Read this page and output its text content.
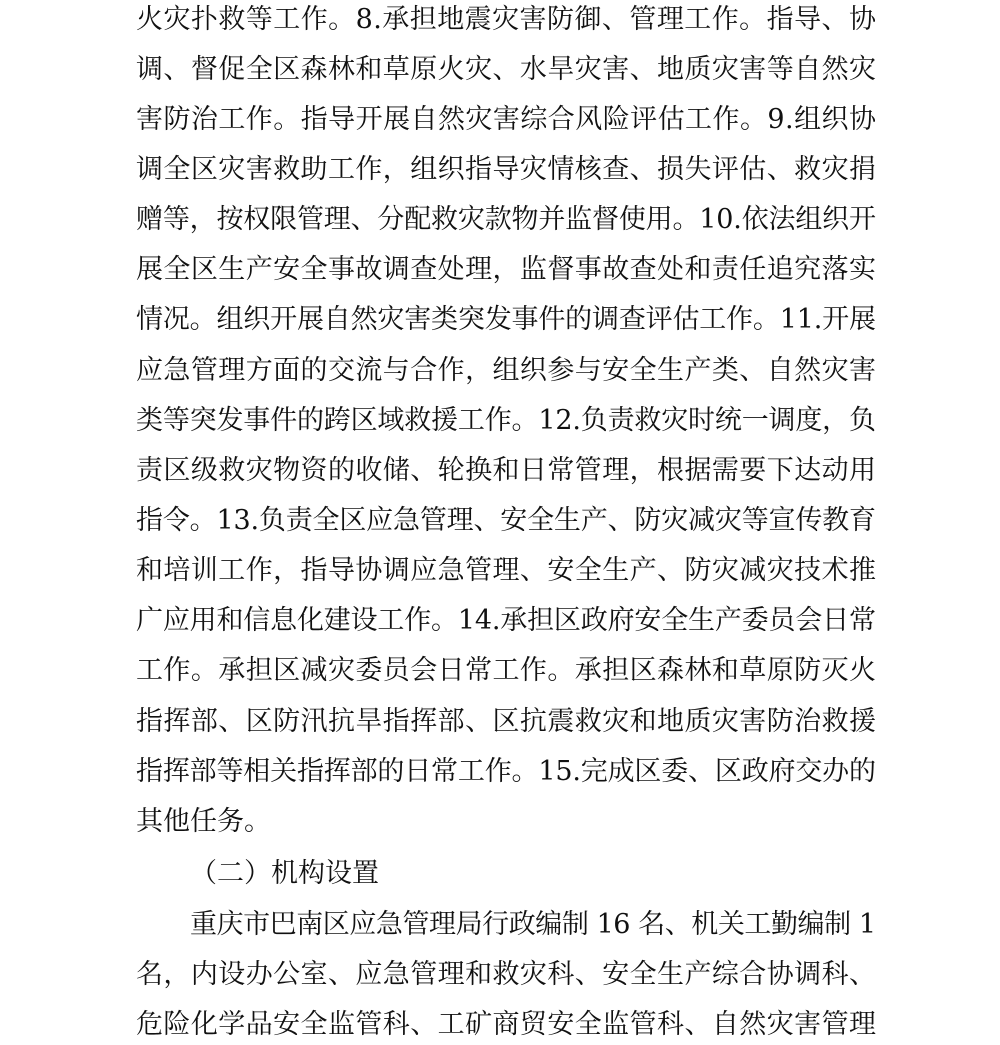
火灾扑救等工作。8.承担地震灾害防御、管理工作。指导、协
调、督促全区森林和草原火灾、水旱灾害、地质灾害等自然灾
害防治工作。指导开展自然灾害综合风险评估工作。9.组织协
调全区灾害救助工作，组织指导灾情核查、损失评估、救灾捐
赠等，按权限管理、分配救灾款物并监督使用。10.依法组织开
展全区生产安全事故调查处理，监督事故查处和责任追究落实
情况。组织开展自然灾害类突发事件的调查评估工作。11.开展
应急管理方面的交流与合作，组织参与安全生产类、自然灾害
类等突发事件的跨区域救援工作。12.负责救灾时统一调度，负
责区级救灾物资的收储、轮换和日常管理，根据需要下达动用
指令。13.负责全区应急管理、安全生产、防灾减灾等宣传教育
和培训工作，指导协调应急管理、安全生产、防灾减灾技术推
广应用和信息化建设工作。14.承担区政府安全生产委员会日常
工作。承担区减灾委员会日常工作。承担区森林和草原防灭火
指挥部、区防汛抗旱指挥部、区抗震救灾和地质灾害防治救援
指挥部等相关指挥部的日常工作。15.完成区委、区政府交办的
其他任务。
（二）机构设置
重庆市巴南区应急管理局行政编制 16 名、机关工勤编制 1
名，内设办公室、应急管理和救灾科、安全生产综合协调科、
危险化学品安全监管科、工矿商贸安全监管科、自然灾害管理
